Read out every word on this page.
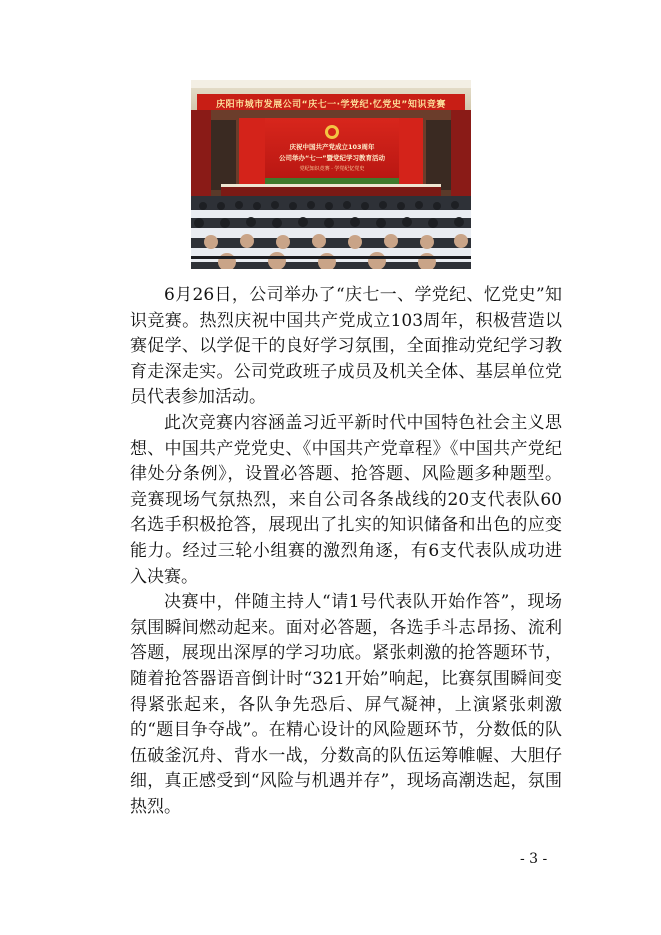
庆阳市城市发展公司“庆七一·学党纪·忆党史”知识竞赛
庆祝中国共产党成立103周年
公司举办“七一”暨党纪学习教育活动
党纪知识竞赛 · 学党纪忆党史

6月26日，公司举办了“庆七一、学党纪、忆党史”知识竞赛。热烈庆祝中国共产党成立103周年，积极营造以赛促学、以学促干的良好学习氛围，全面推动党纪学习教育走深走实。公司党政班子成员及机关全体、基层单位党员代表参加活动。

此次竞赛内容涵盖习近平新时代中国特色社会主义思想、中国共产党党史、《中国共产党章程》《中国共产党纪律处分条例》，设置必答题、抢答题、风险题多种题型。竞赛现场气氛热烈，来自公司各条战线的20支代表队60名选手积极抢答，展现出了扎实的知识储备和出色的应变能力。经过三轮小组赛的激烈角逐，有6支代表队成功进入决赛。

决赛中，伴随主持人“请1号代表队开始作答”，现场氛围瞬间燃动起来。面对必答题，各选手斗志昂扬、流利答题，展现出深厚的学习功底。紧张刺激的抢答题环节，随着抢答器语音倒计时“321开始”响起，比赛氛围瞬间变得紧张起来，各队争先恐后、屏气凝神，上演紧张刺激的“题目争夺战”。在精心设计的风险题环节，分数低的队伍破釜沉舟、背水一战，分数高的队伍运筹帷幄、大胆仔细，真正感受到“风险与机遇并存”，现场高潮迭起，氛围热烈。

- 3 -
